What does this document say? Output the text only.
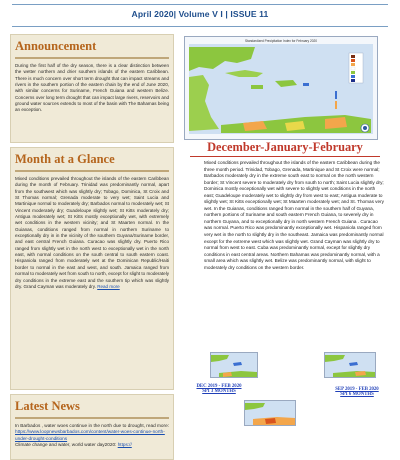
April 2020| Volume V I | ISSUE 11
Announcement
During the first half of the dry season, there is a clear distinction between the wetter northern and drier southern islands of the eastern Caribbean. There is much concern over short term drought that can impact streams and rivers in the southern portion of the eastern chain by the end of June 2020, with similar concerns for Suriname, French Guiana and western Belize. Concerns over long term drought that can impact large rivers, reservoirs and ground water sources extends to most of the basin with The Bahamas being an exception.
Month at a Glance
Mixed conditions prevailed throughout the islands of the eastern Caribbean during the month of February. Trinidad was predominantly normal, apart from the southwest which was slightly dry; Tobago, Dominica, St Croix and St Thomas normal; Grenada moderate to very wet; Saint Lucia and Martinique normal to moderately dry; Barbados normal to moderately wet; St Vincent moderately dry; Guadeloupe slightly wet; St Kitts moderately dry; Antigua moderately wet; St Kitts mostly exceptionally wet, with extremely wet conditions in the western vicinity; and St Maarten normal. In the Guianas, conditions ranged from normal in northern Suriname to exceptionally dry in in the vicinity of the southern Guyana/Suriname border, and east central French Guiana. Curacao was slightly dry. Puerto Rico ranged from slightly wet in the north west to exceptionally wet in the north east, with normal conditions on the south central to south eastern coast. Hispaniola ranged from moderately wet at the Dominican Republic/Haiti border to normal in the east and west, and south. Jamaica ranged from normal to moderately wet from south to north, except for slight to moderately dry conditions in the extreme east and the southern tip which was slightly dry. Grand Cayman was moderately dry. Read more
Latest News
In Barbados , water woes continue in the north due to drought, read more: https://www.loopnewsbarbados.com/content/water-woes-continue-north-under-drought-conditions
Climate change and water, world water day2020: https://
Standardized Precipitation Index for February 2020
December-January-February
Mixed conditions prevailed throughout the islands of the eastern Caribbean during the three month period. Trinidad, Tobago, Grenada, Martinique and St Croix were normal; Barbados moderately dry in the extreme south east to normal on the north western border; St Vincent severe to moderately dry from south to north; Saint Lucia slightly dry; Dominica mostly exceptionally wet with severe to slightly wet conditions in the north east; Guadeloupe moderately wet to slightly dry from west to east; Antigua moderate to slightly wet; St Kitts exceptionally wet; St Maarten moderately wet; and St. Thomas very wet. In the Guianas, conditions ranged from normal in the southern half of Guyana, northern portions of Suriname and south eastern French Guiana, to severely dry in northern Guyana, and to exceptionally dry in north western French Guiana . Curacao was normal. Puerto Rico was predominantly exceptionally wet. Hispaniola ranged from very wet in the north to slightly dry in the southeast. Jamaica was predominantly normal except for the extreme west which was slightly wet. Grand Cayman was slightly dry to normal from west to east. Cuba was predominantly normal, except for slightly dry conditions in east central areas. Northern Bahamas was predominantly normal, with a small area which was slightly wet. Belize was predominantly normal, with slight to moderately dry conditions on the western border.
DEC 2019 - FEB 2020
SPI 3 MONTHS	SEP 2019 - FEB 2020
SPI 6 MONTHS
